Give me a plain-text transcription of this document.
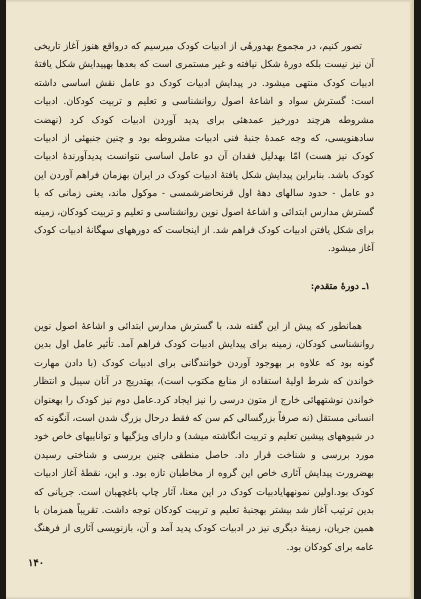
تصور کنیم، در مجموع بهدورهٔی از ادبیات کودک میرسیم که درواقع هنوز آغاز تاریخی آن نیز نیست بلکه دورهٔ شکل نیافته و غیر مستمری است که بعدها بهپیدایش شکل یافتهٔ ادبیات کودک منتهی میشود. در پیدایش ادبیات کودک دو عامل نقش اساسی داشته است: گسترش سواد و اشاعهٔ اصول روانشناسی و تعلیم و تربیت کودکان. ادبیات مشروطه هرچند دورخیز عمدهئی برای پدید آوردن ادبیات کودک کرد (نهضت سادهنویسی، که وجه عمدهٔ جنبهٔ فنی ادبیات مشروطه بود و چنین جنبهئی از ادبیات کودک نیز هست) امّا بهدلیل فقدان آن دو عامل اساسی نتوانست پدیدآورندهٔ ادبیات کودک باشد. بنابراین پیدایش شکل یافتهٔ ادبیات کودک در ایران بهزمان فراهم آوردن این دو عامل - حدود سالهای دههٔ اول قرنحاضرشمسی - موکول ماند، یعنی زمانی که با گسترش مدارس ابتدائی و اشاعهٔ اصول نوین روانشناسی و تعلیم و تربیت کودکان، زمینه برای شکل یافتن ادبیات کودک فراهم شد. از اینجاست که دورههای سهگانهٔ ادبیات کودک آغاز میشود.

۱ـ دورهٔ متقدم:

همانطور که پیش از این گفته شد، با گسترش مدارس ابتدائی و اشاعهٔ اصول نوین روانشناسی کودکان، زمینه برای پیدایش ادبیات کودک فراهم آمد. تأثیر عامل اول بدین گونه بود که علاوه بر بهوجود آوردن خوانندگانی برای ادبیات کودک (با دادن مهارت خواندن که شرط اولیهٔ استفاده از منابع مکتوب است)، بهتدریج در آنان سیبل و انتظار خواندن نوشتههائی خارج از متون درسی را نیز ایجاد کرد.عامل دوم نیز کودک را بهعنوان انسانی مستقل (نه صرفاً بزرگسالی کم سن که فقط درحال بزرگ شدن است، آنگونه که در شیوههای پیشین تعلیم و تربیت انگاشته میشد) و دارای ویژگیها و تواناییهای خاص خود مورد بررسی و شناخت قرار داد. حاصل منطقی چنین بررسی و شناختی رسیدن بهضرورت پیدایش آثاری خاص این گروه از مخاطبان تازه بود. و این، نقطهٔ آغاز ادبیات کودک بود.اولین نمونههایادبیات کودک در این معنا، آثار چاپ باغچهبان است. جریانی که بدین ترتیب آغاز شد بیشتر بهجنبهٔ تعلیم و تربیت کودکان توجه داشت. تقریباً همزمان با همین جریان، زمینهٔ دیگری نیز در ادبیات کودک پدید آمد و آن، بازنویسی آثاری از فرهنگ عامه برای کودکان بود.

۱۴۰
